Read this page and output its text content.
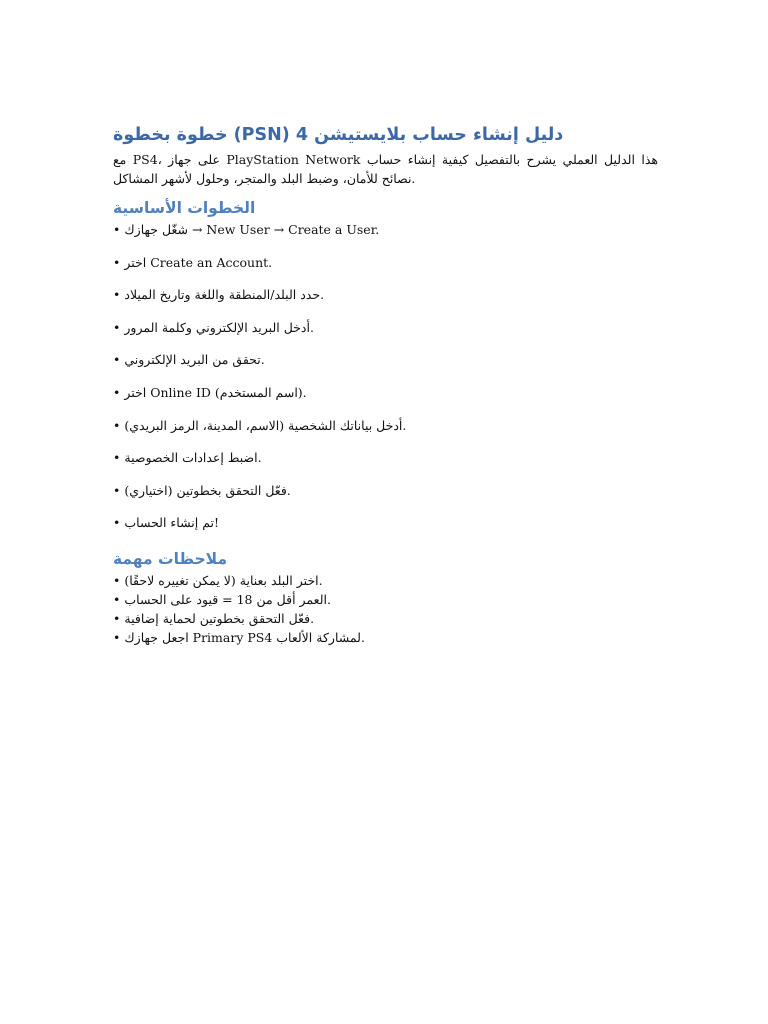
خطوة بخطوة (PSN) دليل إنشاء حساب بلايستيشن 4

مع PS4، على جهاز PlayStation Network هذا الدليل العملي يشرح بالتفصيل كيفية إنشاء حساب
نصائح للأمان، وضبط البلد والمتجر، وحلول لأشهر المشاكل.

الخطوات الأساسية
• شغّل جهازك → New User → Create a User.
• اختر Create an Account.
• حدد البلد/المنطقة واللغة وتاريخ الميلاد.
• أدخل البريد الإلكتروني وكلمة المرور.
• تحقق من البريد الإلكتروني.
• اختر Online ID (اسم المستخدم).
• أدخل بياناتك الشخصية (الاسم، المدينة، الرمز البريدي).
• اضبط إعدادات الخصوصية.
• فعّل التحقق بخطوتين (اختياري).
• تم إنشاء الحساب!
ملاحظات مهمة
• اختر البلد بعناية (لا يمكن تغييره لاحقًا).
• العمر أقل من 18 = قيود على الحساب.
• فعّل التحقق بخطوتين لحماية إضافية.
• اجعل جهازك Primary PS4 لمشاركة الألعاب.
